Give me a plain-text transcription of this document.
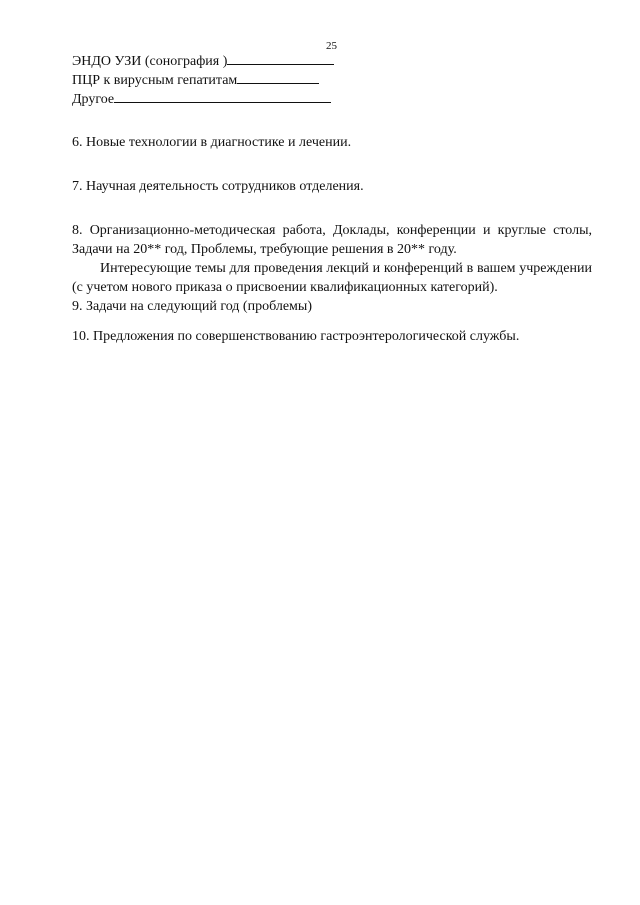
25

ЭНДО УЗИ (сонография )

ПЦР к вирусным гепатитам

Другое

6. Новые технологии в диагностике и лечении.

7. Научная деятельность сотрудников отделения.

8. Организационно-методическая работа, Доклады, конференции и круглые столы, Задачи на 20** год, Проблемы, требующие решения в 20** году.

Интересующие темы для проведения лекций и конференций в вашем учреждении (с учетом нового приказа о присвоении квалификационных категорий).

9. Задачи на следующий год (проблемы)

10. Предложения по совершенствованию гастроэнтерологической службы.
